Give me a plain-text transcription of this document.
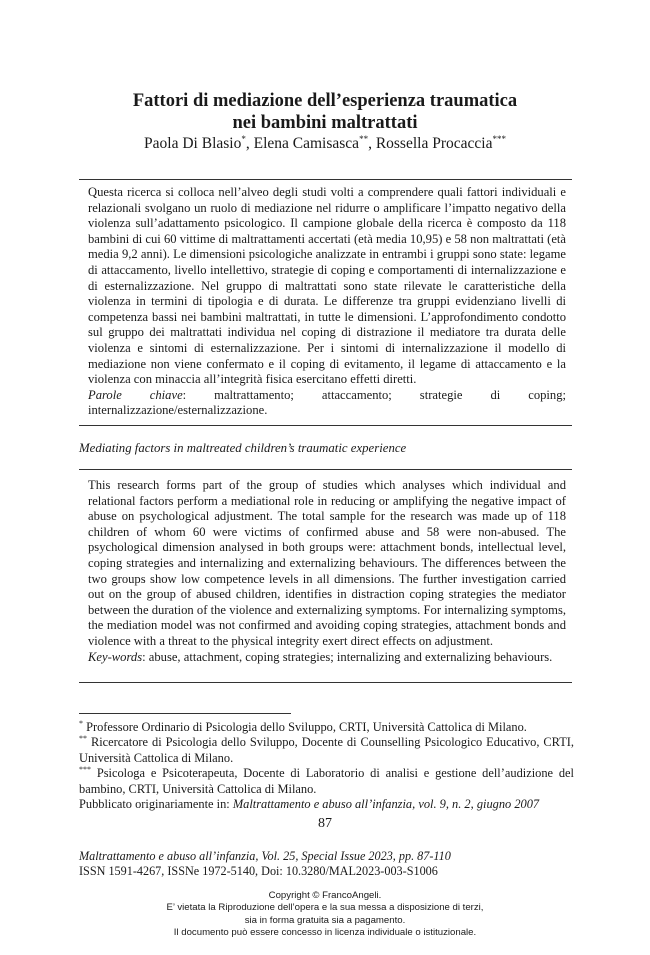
Fattori di mediazione dell’esperienza traumatica
nei bambini maltrattati
Paola Di Blasio*, Elena Camisasca**, Rossella Procaccia***

Questa ricerca si colloca nell’alveo degli studi volti a comprendere quali fattori individuali e relazionali svolgano un ruolo di mediazione nel ridurre o amplificare l’impatto negativo della violenza sull’adattamento psicologico. Il campione globale della ricerca è composto da 118 bambini di cui 60 vittime di maltrattamenti accertati (età media 10,95) e 58 non maltrattati (età media 9,2 anni). Le dimensioni psicologiche analizzate in entrambi i gruppi sono state: legame di attaccamento, livello intellettivo, strategie di coping e comportamenti di internalizzazione e di esternalizzazione. Nel gruppo di maltrattati sono state rilevate le caratteristiche della violenza in termini di tipologia e di durata. Le differenze tra gruppi evidenziano livelli di competenza bassi nei bambini maltrattati, in tutte le dimensioni. L’approfondimento condotto sul gruppo dei maltrattati individua nel coping di distrazione il mediatore tra durata delle violenza e sintomi di esternalizzazione. Per i sintomi di internalizzazione il modello di mediazione non viene confermato e il coping di evitamento, il legame di attaccamento e la violenza con minaccia all’integrità fisica esercitano effetti diretti.

Parole chiave: maltrattamento; attaccamento; strategie di coping; internalizzazione/esternalizzazione.

Mediating factors in maltreated children’s traumatic experience

This research forms part of the group of studies which analyses which individual and relational factors perform a mediational role in reducing or amplifying the negative impact of abuse on psychological adjustment. The total sample for the research was made up of 118 children of whom 60 were victims of confirmed abuse and 58 were non-abused. The psychological dimension analysed in both groups were: attachment bonds, intellectual level, coping strategies and internalizing and externalizing behaviours. The differences between the two groups show low competence levels in all dimensions. The further investigation carried out on the group of abused children, identifies in distraction coping strategies the mediator between the duration of the violence and externalizing symptoms. For internalizing symptoms, the mediation model was not confirmed and avoiding coping strategies, attachment bonds and violence with a threat to the physical integrity exert direct effects on adjustment.

Key-words: abuse, attachment, coping strategies; internalizing and externalizing behaviours.

* Professore Ordinario di Psicologia dello Sviluppo, CRTI, Università Cattolica di Milano.

** Ricercatore di Psicologia dello Sviluppo, Docente di Counselling Psicologico Educativo, CRTI, Università Cattolica di Milano.

*** Psicologa e Psicoterapeuta, Docente di Laboratorio di analisi e gestione dell’audizione del bambino, CRTI, Università Cattolica di Milano.

Pubblicato originariamente in: Maltrattamento e abuso all’infanzia, vol. 9, n. 2, giugno 2007

87
Maltrattamento e abuso all’infanzia, Vol. 25, Special Issue 2023, pp. 87-110
ISSN 1591-4267, ISSNe 1972-5140, Doi: 10.3280/MAL2023-003-S1006
Copyright © FrancoAngeli.
E’ vietata la Riproduzione dell’opera e la sua messa a disposizione di terzi,
sia in forma gratuita sia a pagamento.
Il documento può essere concesso in licenza individuale o istituzionale.
